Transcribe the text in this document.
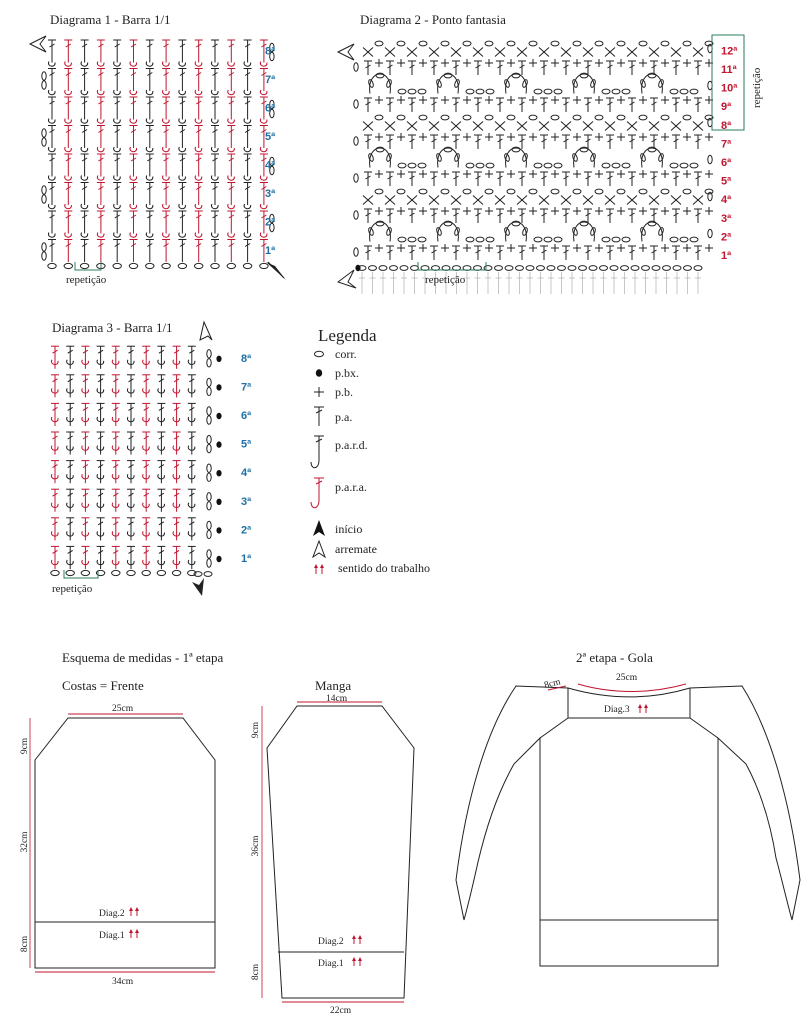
Diagrama 1 - Barra 1/1
1ª
2ª
3ª
4ª
5ª
6ª
7ª
8ª
repetição
Diagrama 2 - Ponto fantasia
1ª
2ª
3ª
4ª
5ª
6ª
7ª
8ª
9ª
10ª
11ª
12ª
repetição
repetição
Diagrama 3 - Barra 1/1
1ª
2ª
3ª
4ª
5ª
6ª
7ª
8ª
repetição
Legenda
corr.
p.bx.
p.b.
p.a.
p.a.r.d.
p.a.r.a.
início
arremate
sentido do trabalho
Esquema de medidas - 1ª etapa	2ª etapa - Gola
Costas = Frente
25cm
9cm
32cm
8cm
Diag.2
Diag.1
34cm
Manga
14cm
9cm
36cm
8cm
Diag.2
Diag.1
22cm
8cm	25cm
Diag.3
